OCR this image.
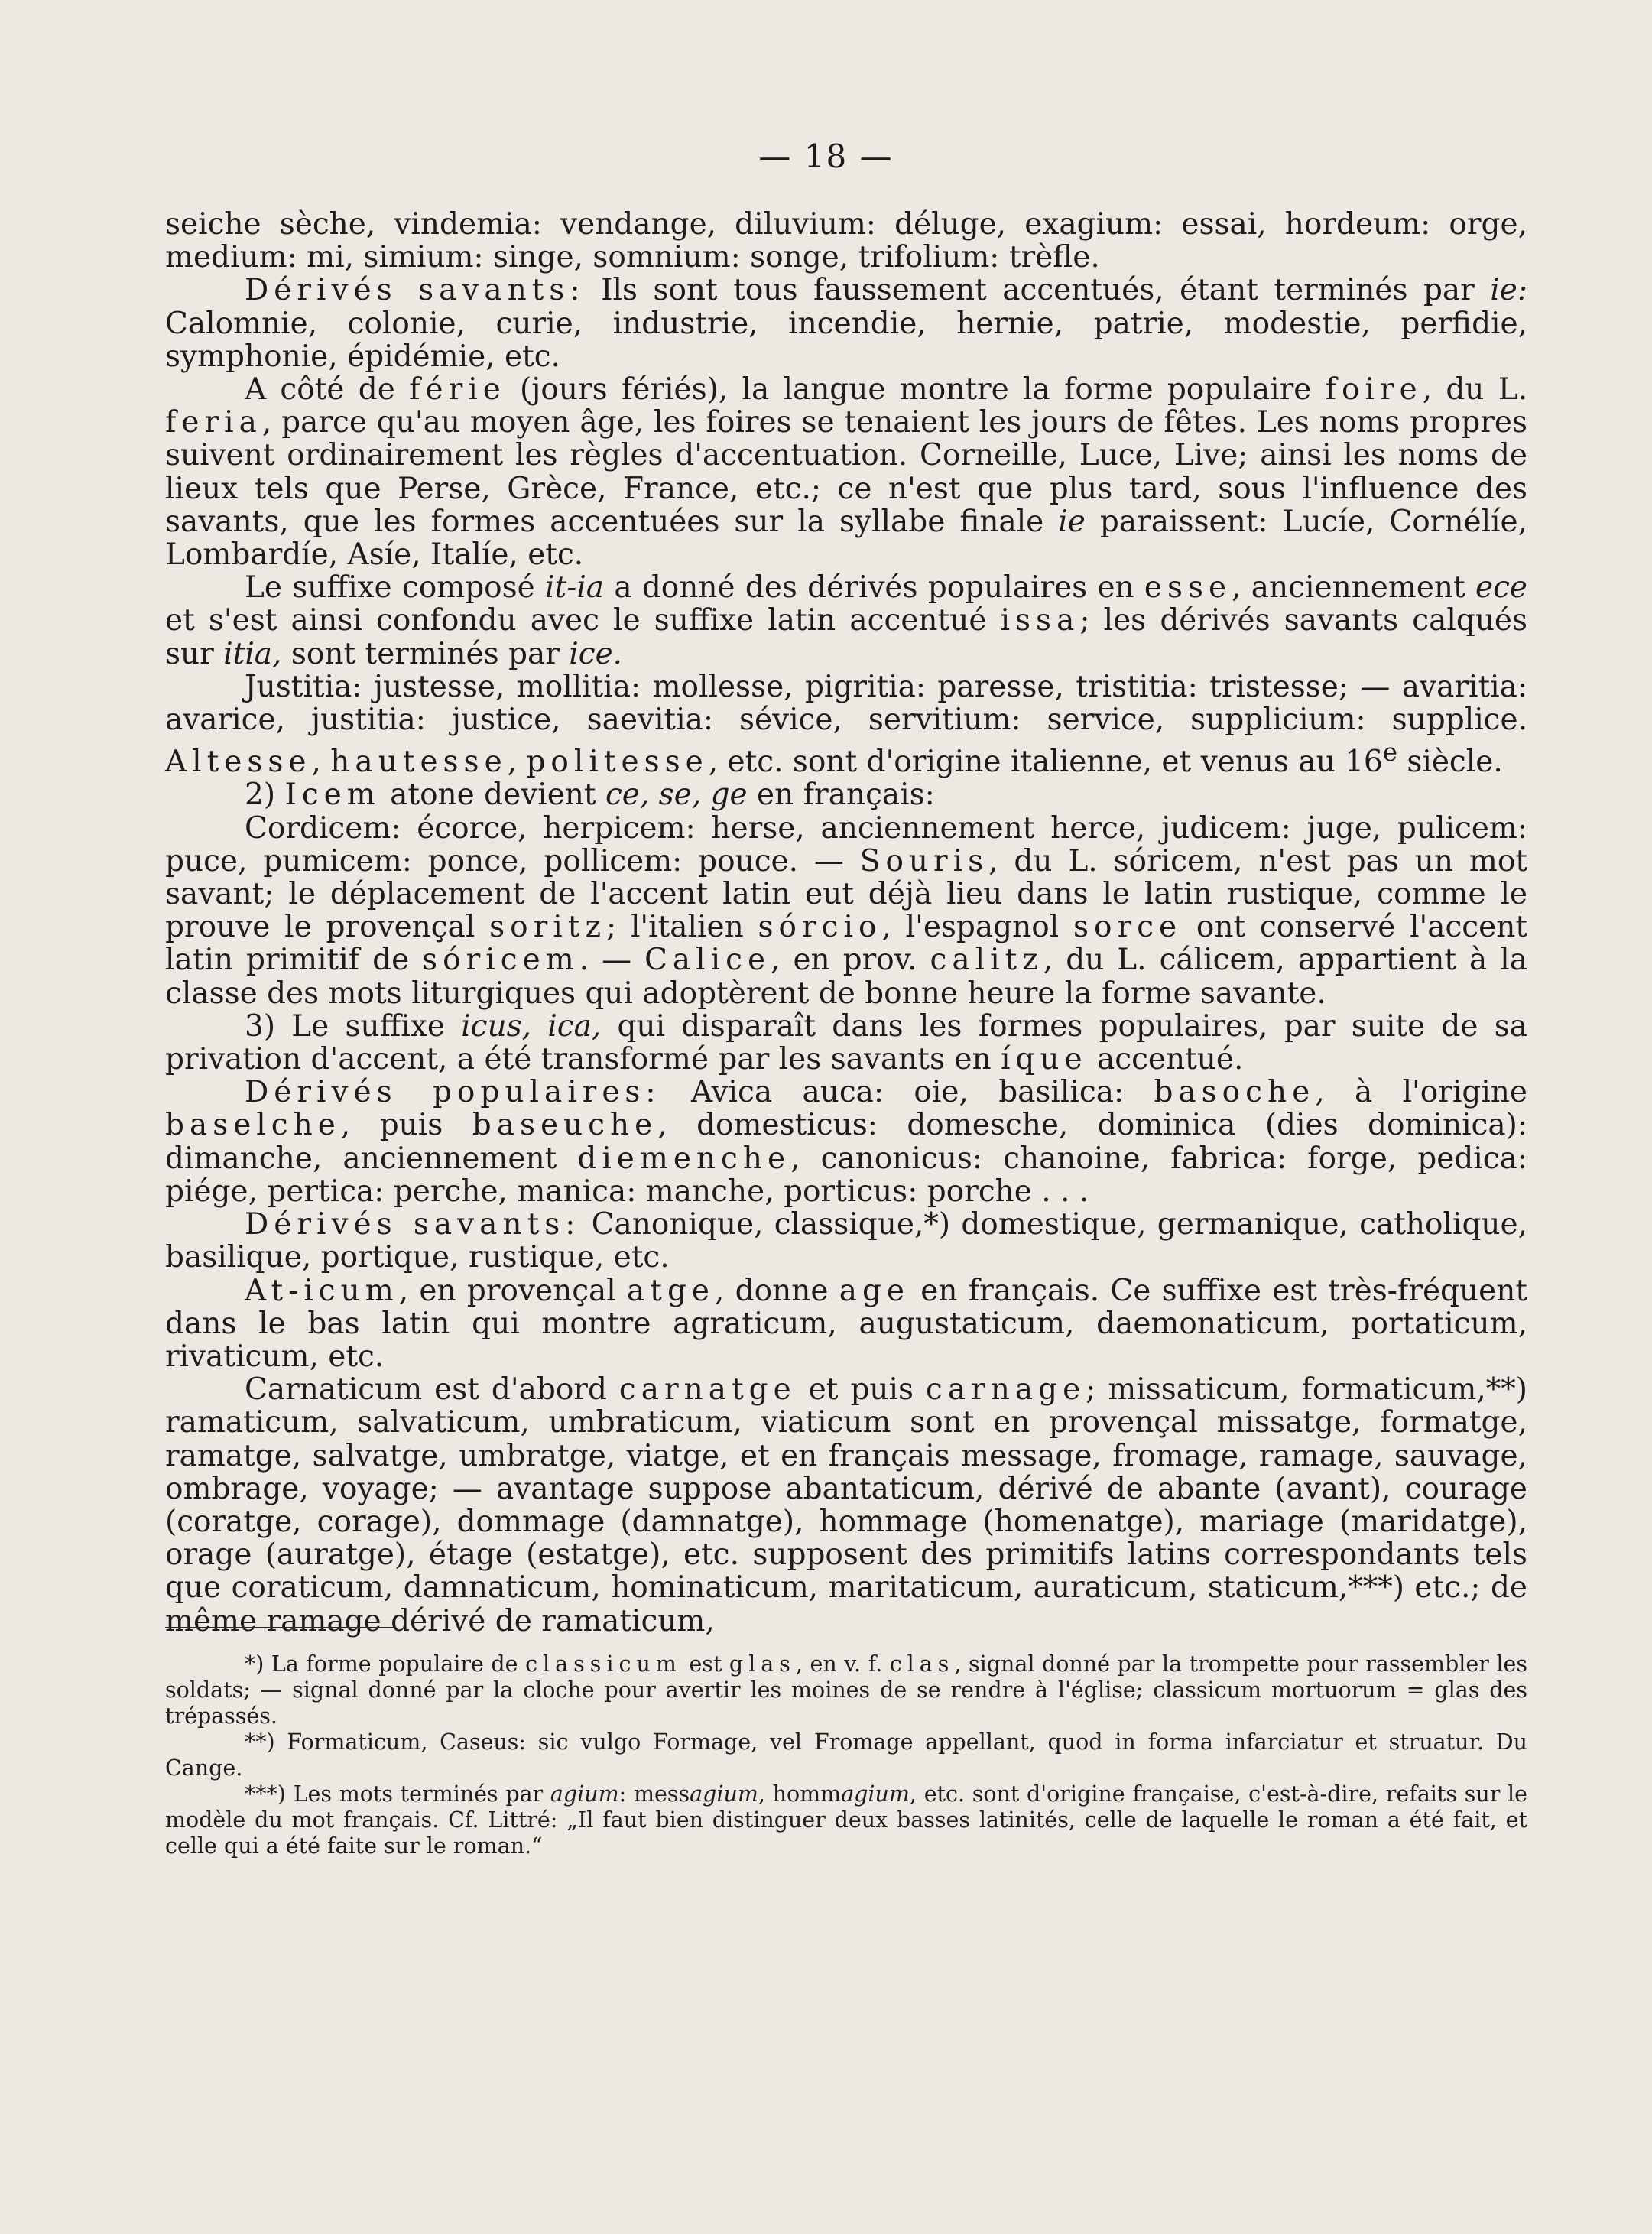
— 18 —

seiche sèche, vindemia: vendange, diluvium: déluge, exagium: essai, hordeum: orge, medium: mi, simium: singe, somnium: songe, trifolium: trèfle.

Dérivés savants: Ils sont tous faussement accentués, étant terminés par ie: Calomnie, colonie, curie, industrie, incendie, hernie, patrie, modestie, perfidie, symphonie, épidémie, etc.

A côté de férie (jours fériés), la langue montre la forme populaire foire, du L. feria, parce qu'au moyen âge, les foires se tenaient les jours de fêtes. Les noms propres suivent ordinairement les règles d'accentuation. Corneille, Luce, Live; ainsi les noms de lieux tels que Perse, Grèce, France, etc.; ce n'est que plus tard, sous l'influence des savants, que les formes accentuées sur la syllabe finale ie paraissent: Lucíe, Cornélíe, Lombardíe, Asíe, Italíe, etc.

Le suffixe composé it-ia a donné des dérivés populaires en esse, anciennement ece et s'est ainsi confondu avec le suffixe latin accentué issa; les dérivés savants calqués sur itia, sont terminés par ice.

Justitia: justesse, mollitia: mollesse, pigritia: paresse, tristitia: tristesse; — avaritia: avarice, justitia: justice, saevitia: sévice, servitium: service, supplicium: supplice. Altesse, hautesse, politesse, etc. sont d'origine italienne, et venus au 16e siècle.

2) Icem atone devient ce, se, ge en français:

Cordicem: écorce, herpicem: herse, anciennement herce, judicem: juge, pulicem: puce, pumicem: ponce, pollicem: pouce. — Souris, du L. sóricem, n'est pas un mot savant; le déplacement de l'accent latin eut déjà lieu dans le latin rustique, comme le prouve le provençal soritz; l'italien sórcio, l'espagnol sorce ont conservé l'accent latin primitif de sóricem. — Calice, en prov. calitz, du L. cálicem, appartient à la classe des mots liturgiques qui adoptèrent de bonne heure la forme savante.

3) Le suffixe icus, ica, qui disparaît dans les formes populaires, par suite de sa privation d'accent, a été transformé par les savants en íque accentué.

Dérivés populaires: Avica auca: oie, basilica: basoche, à l'origine baselche, puis baseuche, domesticus: domesche, dominica (dies dominica): dimanche, anciennement diemenche, canonicus: chanoine, fabrica: forge, pedica: piége, pertica: perche, manica: manche, porticus: porche . . .

Dérivés savants: Canonique, classique,*) domestique, germanique, catholique, basilique, portique, rustique, etc.

At-icum, en provençal atge, donne age en français. Ce suffixe est très-fréquent dans le bas latin qui montre agraticum, augustaticum, daemonaticum, portaticum, rivaticum, etc.

Carnaticum est d'abord carnatge et puis carnage; missaticum, formaticum,**) ramaticum, salvaticum, umbraticum, viaticum sont en provençal missatge, formatge, ramatge, salvatge, umbratge, viatge, et en français message, fromage, ramage, sauvage, ombrage, voyage; — avantage suppose abantaticum, dérivé de abante (avant), courage (coratge, corage), dommage (damnatge), hommage (homenatge), mariage (maridatge), orage (auratge), étage (estatge), etc. supposent des primitifs latins correspondants tels que coraticum, damnaticum, hominaticum, maritaticum, auraticum, staticum,***) etc.; de même ramage dérivé de ramaticum,

*) La forme populaire de classicum est glas, en v. f. clas, signal donné par la trompette pour rassembler les soldats; — signal donné par la cloche pour avertir les moines de se rendre à l'église; classicum mortuorum = glas des trépassés.

**) Formaticum, Caseus: sic vulgo Formage, vel Fromage appellant, quod in forma infarciatur et struatur. Du Cange.

***) Les mots terminés par agium: messagium, hommagium, etc. sont d'origine française, c'est-à-dire, refaits sur le modèle du mot français. Cf. Littré: „Il faut bien distinguer deux basses latinités, celle de laquelle le roman a été fait, et celle qui a été faite sur le roman.“
